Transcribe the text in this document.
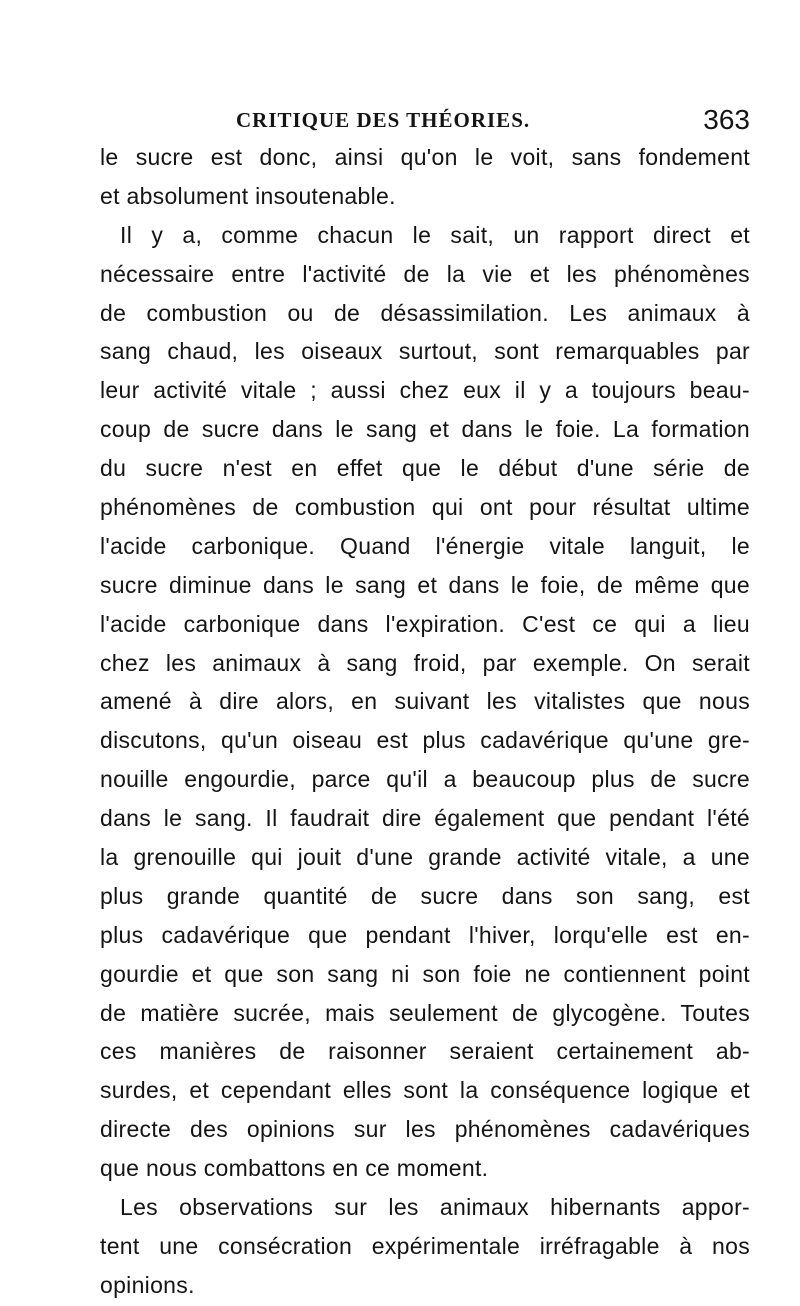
CRITIQUE DES THÉORIES.	363
le sucre est donc, ainsi qu'on le voit, sans fondement
et absolument insoutenable.
Il y a, comme chacun le sait, un rapport direct et
nécessaire entre l'activité de la vie et les phénomènes
de combustion ou de désassimilation. Les animaux à
sang chaud, les oiseaux surtout, sont remarquables par
leur activité vitale ; aussi chez eux il y a toujours beau-
coup de sucre dans le sang et dans le foie. La formation
du sucre n'est en effet que le début d'une série de
phénomènes de combustion qui ont pour résultat ultime
l'acide carbonique. Quand l'énergie vitale languit, le
sucre diminue dans le sang et dans le foie, de même que
l'acide carbonique dans l'expiration. C'est ce qui a lieu
chez les animaux à sang froid, par exemple. On serait
amené à dire alors, en suivant les vitalistes que nous
discutons, qu'un oiseau est plus cadavérique qu'une gre-
nouille engourdie, parce qu'il a beaucoup plus de sucre
dans le sang. Il faudrait dire également que pendant l'été
la grenouille qui jouit d'une grande activité vitale, a une
plus grande quantité de sucre dans son sang, est
plus cadavérique que pendant l'hiver, lorqu'elle est en-
gourdie et que son sang ni son foie ne contiennent point
de matière sucrée, mais seulement de glycogène. Toutes
ces manières de raisonner seraient certainement ab-
surdes, et cependant elles sont la conséquence logique et
directe des opinions sur les phénomènes cadavériques
que nous combattons en ce moment.
Les observations sur les animaux hibernants appor-
tent une consécration expérimentale irréfragable à nos
opinions.
